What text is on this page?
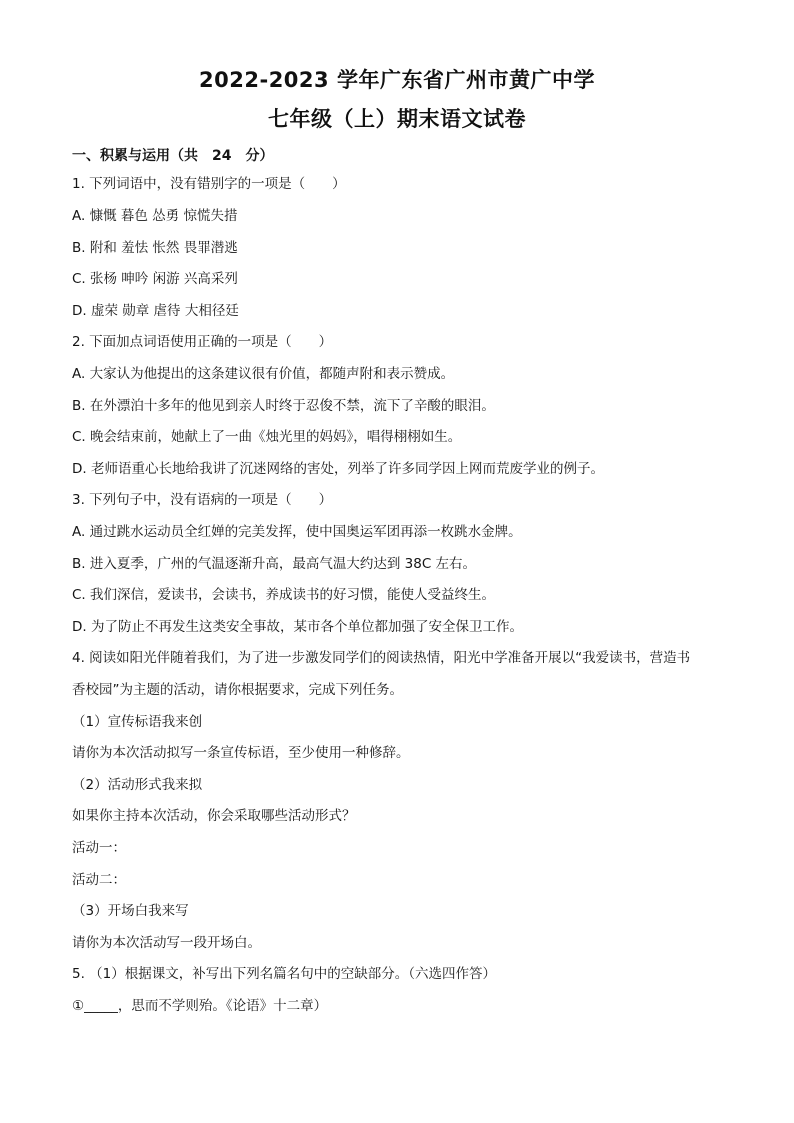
2022-2023 学年广东省广州市黄广中学
七年级（上）期末语文试卷
一、积累与运用（共　24　分）
1. 下列词语中，没有错别字的一项是（　　）
A. 慷慨 暮色 怂勇 惊慌失措
B. 附和 羞怯 怅然 畏罪潜逃
C. 张杨 呻吟 闲游 兴高采列
D. 虚荣 勋章 虐待 大相径廷
2. 下面加点词语使用正确的一项是（　　）
A. 大家认为他提出的这条建议很有价值，都随声附和表示赞成。
B. 在外漂泊十多年的他见到亲人时终于忍俊不禁，流下了辛酸的眼泪。
C. 晚会结束前，她献上了一曲《烛光里的妈妈》，唱得栩栩如生。
D. 老师语重心长地给我讲了沉迷网络的害处，列举了许多同学因上网而荒废学业的例子。
3. 下列句子中，没有语病的一项是（　　）
A. 通过跳水运动员全红婵的完美发挥，使中国奥运军团再添一枚跳水金牌。
B. 进入夏季，广州的气温逐渐升高，最高气温大约达到 38C 左右。
C. 我们深信，爱读书，会读书，养成读书的好习惯，能使人受益终生。
D. 为了防止不再发生这类安全事故，某市各个单位都加强了安全保卫工作。
4. 阅读如阳光伴随着我们，为了进一步激发同学们的阅读热情，阳光中学准备开展以“我爱读书，营造书
香校园”为主题的活动，请你根据要求，完成下列任务。
（1）宣传标语我来创
请你为本次活动拟写一条宣传标语，至少使用一种修辞。
（2）活动形式我来拟
如果你主持本次活动，你会采取哪些活动形式？
活动一：
活动二：
（3）开场白我来写
请你为本次活动写一段开场白。
5. （1）根据课文，补写出下列名篇名句中的空缺部分。（六选四作答）
①_____，思而不学则殆。《论语》十二章）
